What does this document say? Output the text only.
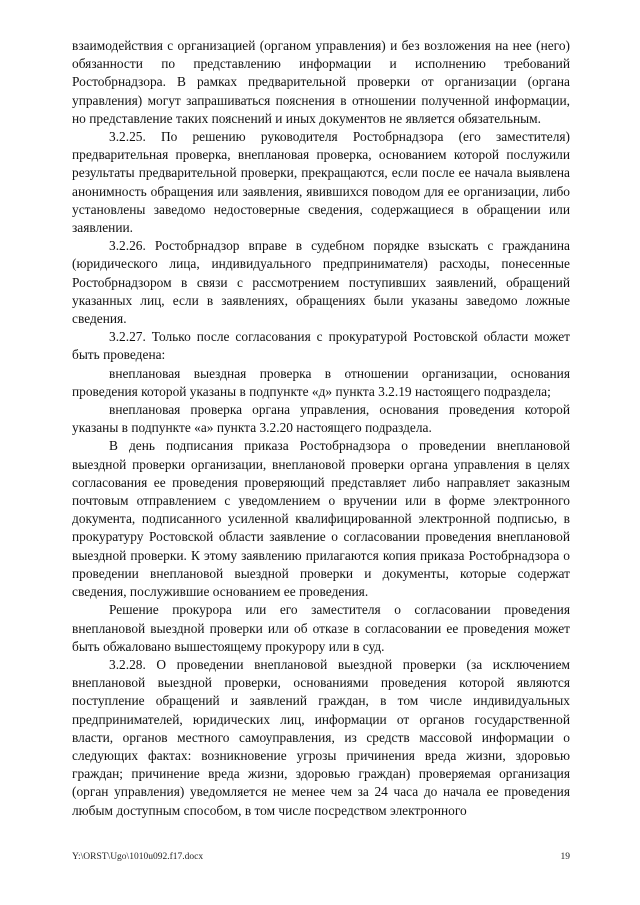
взаимодействия с организацией (органом управления) и без возложения на нее (него) обязанности по представлению информации и исполнению требований Ростобрнадзора. В рамках предварительной проверки от организации (органа управления) могут запрашиваться пояснения в отношении полученной информации, но представление таких пояснений и иных документов не является обязательным.

3.2.25. По решению руководителя Ростобрнадзора (его заместителя) предварительная проверка, внеплановая проверка, основанием которой послужили результаты предварительной проверки, прекращаются, если после ее начала выявлена анонимность обращения или заявления, явившихся поводом для ее организации, либо установлены заведомо недостоверные сведения, содержащиеся в обращении или заявлении.

3.2.26. Ростобрнадзор вправе в судебном порядке взыскать с гражданина (юридического лица, индивидуального предпринимателя) расходы, понесенные Ростобрнадзором в связи с рассмотрением поступивших заявлений, обращений указанных лиц, если в заявлениях, обращениях были указаны заведомо ложные сведения.

3.2.27. Только после согласования с прокуратурой Ростовской области может быть проведена:

внеплановая выездная проверка в отношении организации, основания проведения которой указаны в подпункте «д» пункта 3.2.19 настоящего подраздела;

внеплановая проверка органа управления, основания проведения которой указаны в подпункте «а» пункта 3.2.20 настоящего подраздела.

В день подписания приказа Ростобрнадзора о проведении внеплановой выездной проверки организации, внеплановой проверки органа управления в целях согласования ее проведения проверяющий представляет либо направляет заказным почтовым отправлением с уведомлением о вручении или в форме электронного документа, подписанного усиленной квалифицированной электронной подписью, в прокуратуру Ростовской области заявление о согласовании проведения внеплановой выездной проверки. К этому заявлению прилагаются копия приказа Ростобрнадзора о проведении внеплановой выездной проверки и документы, которые содержат сведения, послужившие основанием ее проведения.

Решение прокурора или его заместителя о согласовании проведения внеплановой выездной проверки или об отказе в согласовании ее проведения может быть обжаловано вышестоящему прокурору или в суд.

3.2.28. О проведении внеплановой выездной проверки (за исключением внеплановой выездной проверки, основаниями проведения которой являются поступление обращений и заявлений граждан, в том числе индивидуальных предпринимателей, юридических лиц, информации от органов государственной власти, органов местного самоуправления, из средств массовой информации о следующих фактах: возникновение угрозы причинения вреда жизни, здоровью граждан; причинение вреда жизни, здоровью граждан) проверяемая организация (орган управления) уведомляется не менее чем за 24 часа до начала ее проведения любым доступным способом, в том числе посредством электронного

Y:\ORST\Ugo\1010u092.f17.docx	19
